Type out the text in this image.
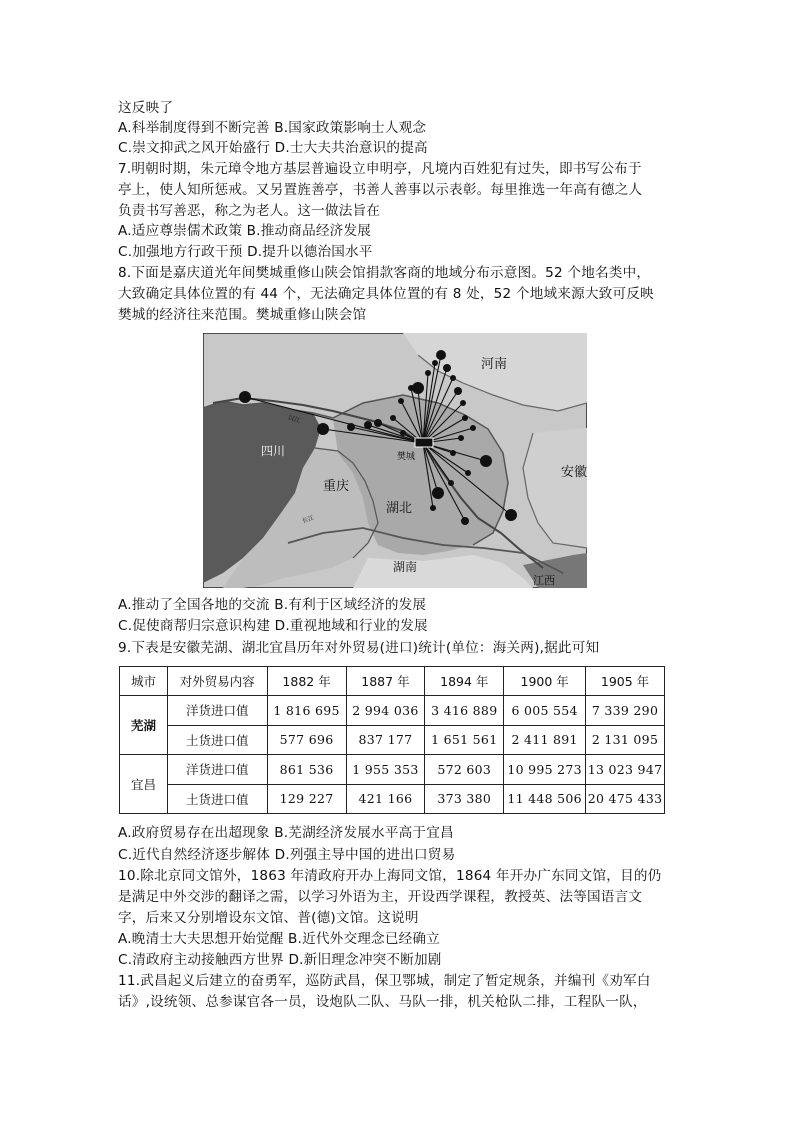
这反映了
A.科举制度得到不断完善 B.国家政策影响士人观念
C.崇文抑武之风开始盛行 D.士大夫共治意识的提高
7.明朝时期，朱元璋令地方基层普遍设立申明亭，凡境内百姓犯有过失，即书写公布于
亭上，使人知所惩戒。又另置旌善亭，书善人善事以示表彰。每里推选一年高有德之人
负责书写善恶，称之为老人。这一做法旨在
A.适应尊崇儒术政策 B.推动商品经济发展
C.加强地方行政干预 D.提升以德治国水平
8.下面是嘉庆道光年间樊城重修山陕会馆捐款客商的地域分布示意图。52 个地名类中，
大致确定具体位置的有 44 个，无法确定具体位置的有 8 处，52 个地域来源大致可反映
樊城的经济往来范围。樊城重修山陕会馆
河南
四川
重庆
湖北
安徽
湖南
江西
樊城
汉江
长江
A.推动了全国各地的交流 B.有利于区域经济的发展
C.促使商帮归宗意识构建 D.重视地域和行业的发展
9.下表是安徽芜湖、湖北宜昌历年对外贸易(进口)统计(单位：海关两),据此可知
城市	对外贸易内容	1882 年	1887 年	1894 年	1900 年	1905 年
芜湖	洋货进口值	1 816 695	2 994 036	3 416 889	6 005 554	7 339 290
	土货进口值	577 696	837 177	1 651 561	2 411 891	2 131 095
宜昌	洋货进口值	861 536	1 955 353	572 603	10 995 273	13 023 947
	土货进口值	129 227	421 166	373 380	11 448 506	20 475 433
A.政府贸易存在出超现象 B.芜湖经济发展水平高于宜昌
C.近代自然经济逐步解体 D.列强主导中国的进出口贸易
10.除北京同文馆外，1863 年清政府开办上海同文馆，1864 年开办广东同文馆，目的仍
是满足中外交涉的翻译之需，以学习外语为主，开设西学课程，教授英、法等国语言文
字，后来又分别增设东文馆、普(德)文馆。这说明
A.晚清士大夫思想开始觉醒 B.近代外交理念已经确立
C.清政府主动接触西方世界 D.新旧理念冲突不断加剧
11.武昌起义后建立的奋勇军，巡防武昌，保卫鄂城，制定了暂定规条，并编刊《劝军白
话》,设统领、总参谋官各一员，设炮队二队、马队一排，机关枪队二排，工程队一队，
